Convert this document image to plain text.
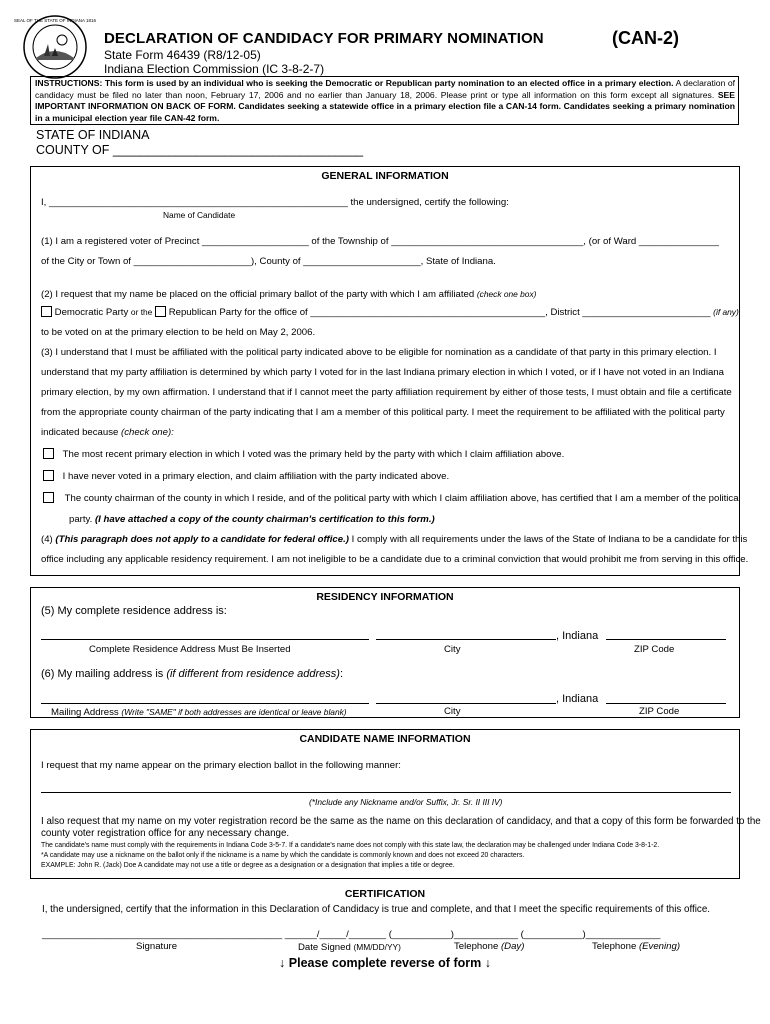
SEAL OF THE STATE OF INDIANA 1816
DECLARATION OF CANDIDACY FOR PRIMARY NOMINATION	(CAN-2)
State Form 46439 (R8/12-05)
Indiana Election Commission (IC 3-8-2-7)
INSTRUCTIONS: This form is used by an individual who is seeking the Democratic or Republican party nomination to an elected office in a primary election. A declaration of candidacy must be filed no later than noon, February 17, 2006 and no earlier than January 18, 2006. Please print or type all information on this form except all signatures. SEE IMPORTANT INFORMATION ON BACK OF FORM. Candidates seeking a statewide office in a primary election file a CAN-14 form. Candidates seeking a primary nomination in a municipal election year file CAN-42 form.
STATE OF INDIANA
COUNTY OF ____________________________________
GENERAL INFORMATION
I, ________________________________________________________ the undersigned, certify the following:
Name of Candidate
(1) I am a registered voter of Precinct ____________________ of the Township of ____________________________________, (or of Ward _______________
of the City or Town of ______________________), County of ______________________, State of Indiana.
(2) I request that my name be placed on the official primary ballot of the party with which I am affiliated (check one box)
Democratic Party or the Republican Party for the office of ____________________________________________, District ________________________ (if any)
to be voted on at the primary election to be held on May 2, 2006.
(3) I understand that I must be affiliated with the political party indicated above to be eligible for nomination as a candidate of that party in this primary election. I
understand that my party affiliation is determined by which party I voted for in the last Indiana primary election in which I voted, or if I have not voted in an Indiana
primary election, by my own affirmation. I understand that if I cannot meet the party affiliation requirement by either of those tests, I must obtain and file a certificate
from the appropriate county chairman of the party indicating that I am a member of this political party. I meet the requirement to be affiliated with the political party
indicated because (check one):
The most recent primary election in which I voted was the primary held by the party with which I claim affiliation above.
I have never voted in a primary election, and claim affiliation with the party indicated above.
The county chairman of the county in which I reside, and of the political party with which I claim affiliation above, has certified that I am a member of the political
party. (I have attached a copy of the county chairman's certification to this form.)
(4) (This paragraph does not apply to a candidate for federal office.) I comply with all requirements under the laws of the State of Indiana to be a candidate for this
office including any applicable residency requirement. I am not ineligible to be a candidate due to a criminal conviction that would prohibit me from serving in this office.
RESIDENCY INFORMATION
(5) My complete residence address is:
, Indiana
Complete Residence Address Must Be Inserted	City	ZIP Code
(6) My mailing address is (if different from residence address):
, Indiana
Mailing Address (Write "SAME" if both addresses are identical or leave blank)	City	ZIP Code
CANDIDATE NAME INFORMATION
I request that my name appear on the primary election ballot in the following manner:
(*Include any Nickname and/or Suffix, Jr. Sr. II III IV)
I also request that my name on my voter registration record be the same as the name on this declaration of candidacy, and that a copy of this form be forwarded to the
county voter registration office for any necessary change.
The candidate's name must comply with the requirements in Indiana Code 3-5-7. If a candidate's name does not comply with this state law, the declaration may be challenged under Indiana Code 3-8-1-2.
*A candidate may use a nickname on the ballot only if the nickname is a name by which the candidate is commonly known and does not exceed 20 characters.
EXAMPLE: John R. (Jack) Doe A candidate may not use a title or degree as a designation or a designation that implies a title or degree.
CERTIFICATION
I, the undersigned, certify that the information in this Declaration of Candidacy is true and complete, and that I meet the specific requirements of this office.
_____________________________________________ ______/_____/_______ (___________)____________ (___________)______________
Signature	Date Signed (MM/DD/YY)	Telephone (Day)	Telephone (Evening)
↓ Please complete reverse of form ↓
